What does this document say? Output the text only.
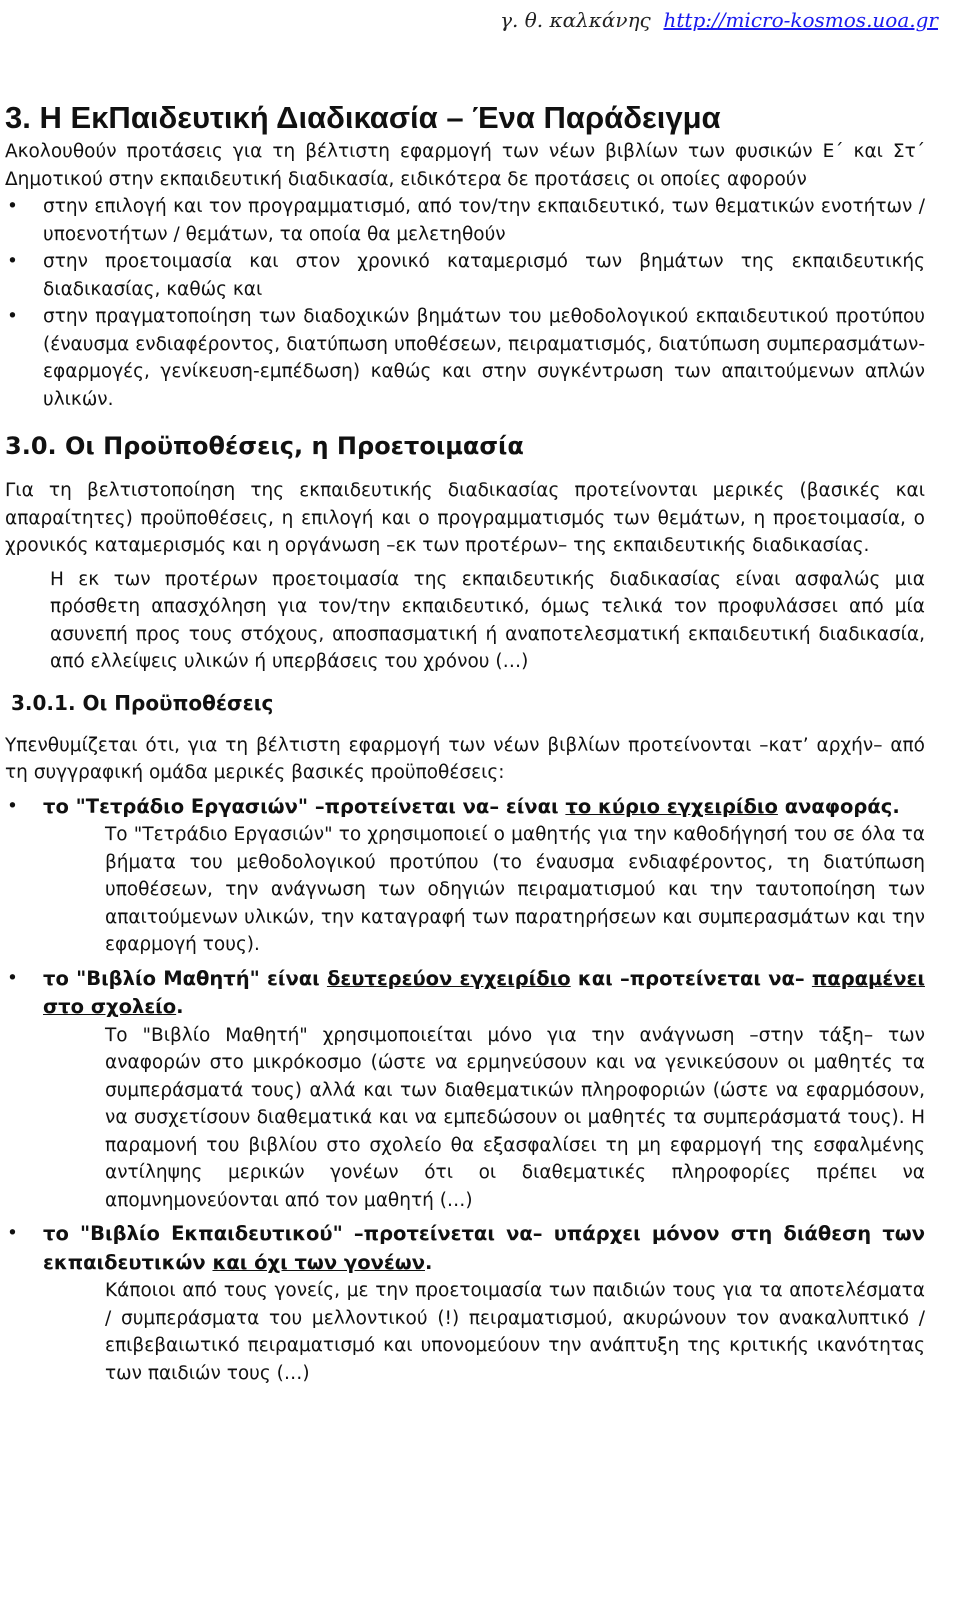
γ. θ. καλκάνης http://micro-kosmos.uoa.gr
3. Η ΕκΠαιδευτική Διαδικασία – Ένα Παράδειγμα

Ακολουθούν προτάσεις για τη βέλτιστη εφαρμογή των νέων βιβλίων των φυσικών Ε΄ και Στ΄ Δημοτικού στην εκπαιδευτική διαδικασία, ειδικότερα δε προτάσεις οι οποίες αφορούν

• στην επιλογή και τον προγραμματισμό, από τον/την εκπαιδευτικό, των θεματικών ενοτήτων / υποενοτήτων / θεμάτων, τα οποία θα μελετηθούν
• στην προετοιμασία και στον χρονικό καταμερισμό των βημάτων της εκπαιδευτικής διαδικασίας, καθώς και
• στην πραγματοποίηση των διαδοχικών βημάτων του μεθοδολογικού εκπαιδευτικού προτύπου (έναυσμα ενδιαφέροντος, διατύπωση υποθέσεων, πειραματισμός, διατύπωση συμπερασμάτων-εφαρμογές, γενίκευση-εμπέδωση) καθώς και στην συγκέντρωση των απαιτούμενων απλών υλικών.
3.0. Οι Προϋποθέσεις, η Προετοιμασία

Για τη βελτιστοποίηση της εκπαιδευτικής διαδικασίας προτείνονται μερικές (βασικές και απαραίτητες) προϋποθέσεις, η επιλογή και ο προγραμματισμός των θεμάτων, η προετοιμασία, ο χρονικός καταμερισμός και η οργάνωση –εκ των προτέρων– της εκπαιδευτικής διαδικασίας.

Η εκ των προτέρων προετοιμασία της εκπαιδευτικής διαδικασίας είναι ασφαλώς μια πρόσθετη απασχόληση για τον/την εκπαιδευτικό, όμως τελικά τον προφυλάσσει από μία ασυνεπή προς τους στόχους, αποσπασματική ή αναποτελεσματική εκπαιδευτική διαδικασία, από ελλείψεις υλικών ή υπερβάσεις του χρόνου (…)

3.0.1. Οι Προϋποθέσεις

Υπενθυμίζεται ότι, για τη βέλτιστη εφαρμογή των νέων βιβλίων προτείνονται –κατ’ αρχήν– από τη συγγραφική ομάδα μερικές βασικές προϋποθέσεις:

• το "Τετράδιο Εργασιών" –προτείνεται να– είναι το κύριο εγχειρίδιο αναφοράς.

Το "Τετράδιο Εργασιών" το χρησιμοποιεί ο μαθητής για την καθοδήγησή του σε όλα τα βήματα του μεθοδολογικού προτύπου (το έναυσμα ενδιαφέροντος, τη διατύπωση υποθέσεων, την ανάγνωση των οδηγιών πειραματισμού και την ταυτοποίηση των απαιτούμενων υλικών, την καταγραφή των παρατηρήσεων και συμπερασμάτων και την εφαρμογή τους).

• το "Βιβλίο Μαθητή" είναι δευτερεύον εγχειρίδιο και –προτείνεται να– παραμένει στο σχολείο.

Το "Βιβλίο Μαθητή" χρησιμοποιείται μόνο για την ανάγνωση –στην τάξη– των αναφορών στο μικρόκοσμο (ώστε να ερμηνεύσουν και να γενικεύσουν οι μαθητές τα συμπεράσματά τους) αλλά και των διαθεματικών πληροφοριών (ώστε να εφαρμόσουν, να συσχετίσουν διαθεματικά και να εμπεδώσουν οι μαθητές τα συμπεράσματά τους). Η παραμονή του βιβλίου στο σχολείο θα εξασφαλίσει τη μη εφαρμογή της εσφαλμένης αντίληψης μερικών γονέων ότι οι διαθεματικές πληροφορίες πρέπει να απομνημονεύονται από τον μαθητή (…)

• το "Βιβλίο Εκπαιδευτικού" –προτείνεται να– υπάρχει μόνον στη διάθεση των εκπαιδευτικών και όχι των γονέων.

Κάποιοι από τους γονείς, με την προετοιμασία των παιδιών τους για τα αποτελέσματα / συμπεράσματα του μελλοντικού (!) πειραματισμού, ακυρώνουν τον ανακαλυπτικό / επιβεβαιωτικό πειραματισμό και υπονομεύουν την ανάπτυξη της κριτικής ικανότητας των παιδιών τους (…)
